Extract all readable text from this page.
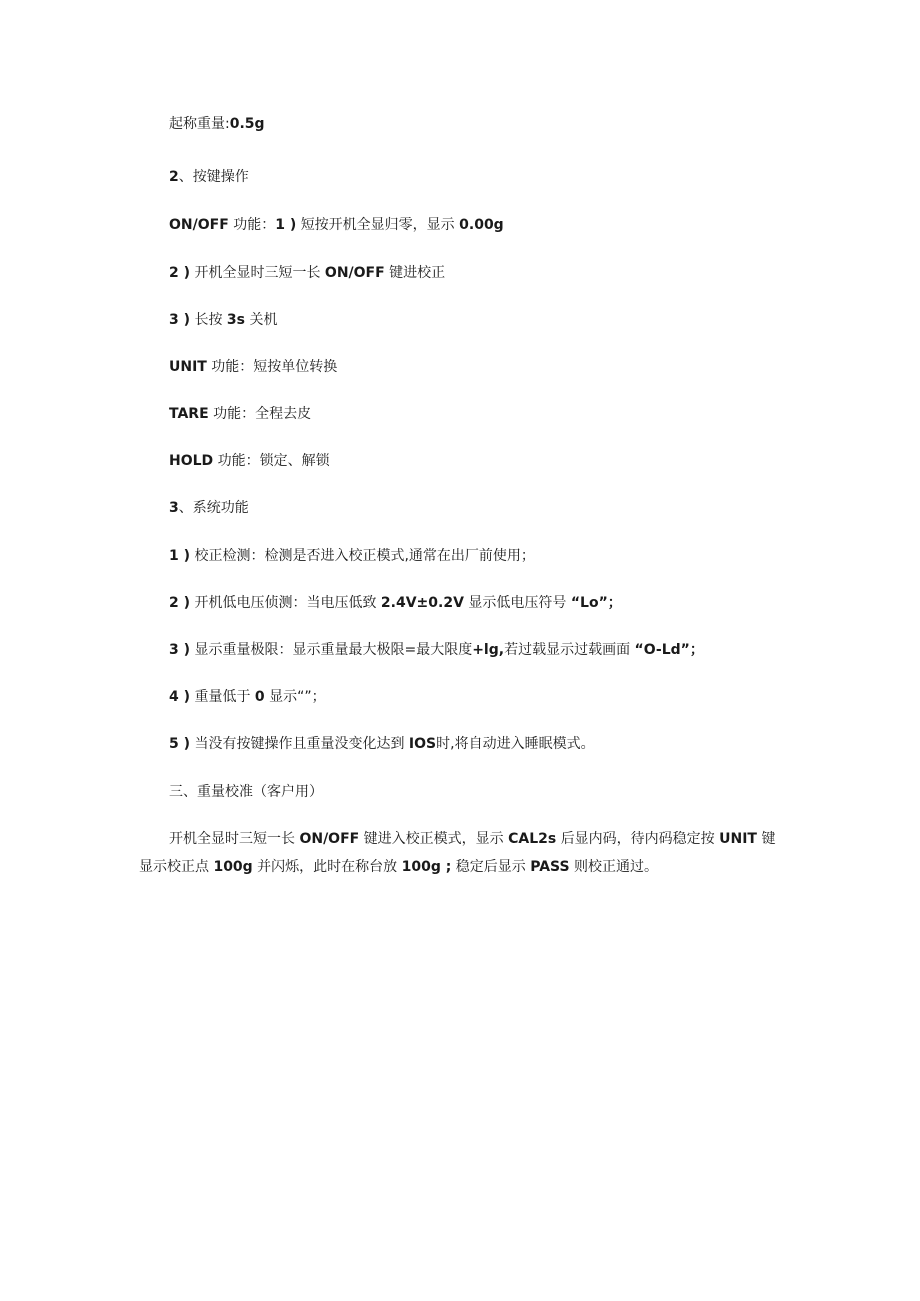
起称重量:0.5g
2、按键操作
ON/OFF 功能：1 ) 短按开机全显归零，显示 0.00g
2 ) 开机全显时三短一长 ON/OFF 键进校正
3 ) 长按 3s 关机
UNIT 功能：短按单位转换
TARE 功能：全程去皮
HOLD 功能：锁定、解锁
3、系统功能
1 ) 校正检测：检测是否进入校正模式,通常在出厂前使用；
2 ) 开机低电压侦测：当电压低致 2.4V±0.2V 显示低电压符号 “Lo”；
3 ) 显示重量极限：显示重量最大极限=最大限度+lg,若过载显示过载画面 “O-Ld”；
4 ) 重量低于 0 显示“”；
5 ) 当没有按键操作且重量没变化达到 IOS时,将自动进入睡眠模式。
三、重量校准（客户用）
开机全显时三短一长 ON/OFF 键进入校正模式，显示 CAL2s 后显内码，待内码稳定按 UNIT 键显示校正点 100g 并闪烁，此时在称台放 100g ; 稳定后显示 PASS 则校正通过。
